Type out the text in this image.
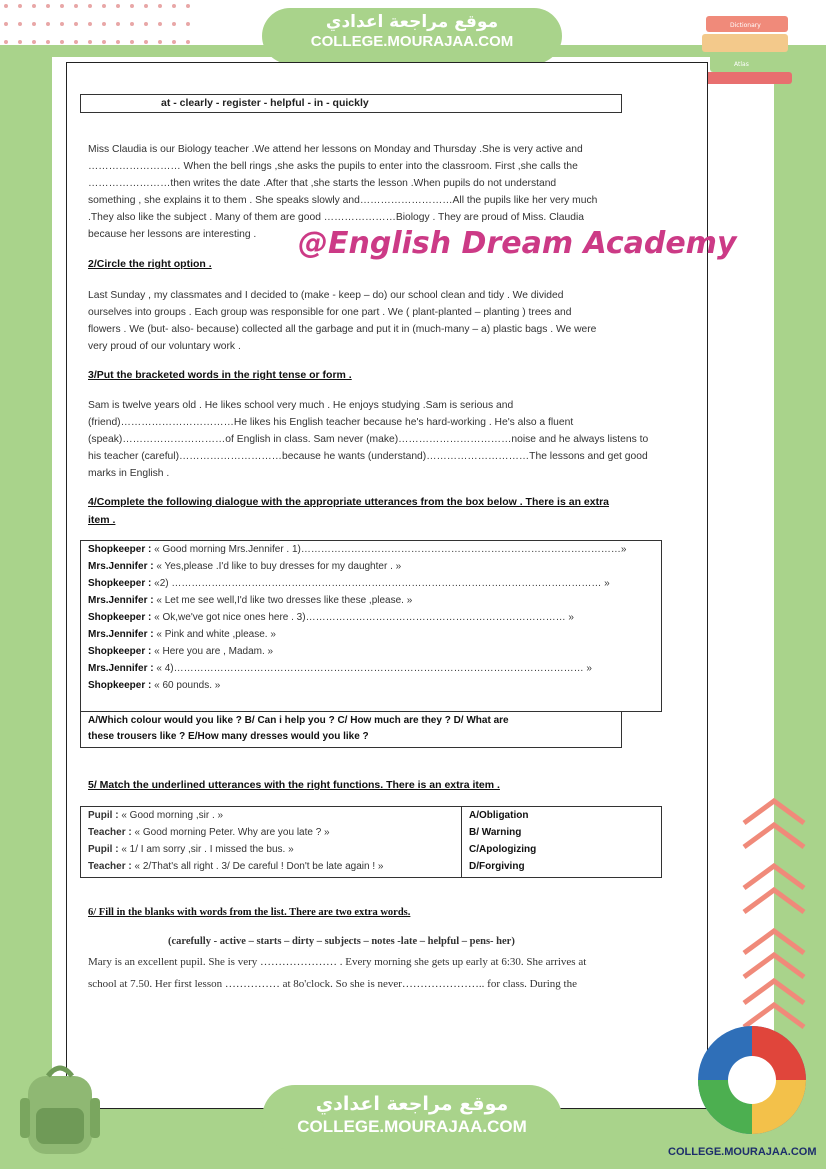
موقع مراجعة اعدادي
COLLEGE.MOURAJAA.COM
Dictionary
Atlas
at - clearly - register - helpful - in - quickly
Miss Claudia is our Biology teacher .We attend her lessons on Monday and Thursday .She is very active and
……………………… When the bell rings ,she asks the pupils to enter into the classroom. First ,she calls the
……………………then writes the date .After that ,she starts the lesson .When pupils do not understand
something , she explains it to them . She speaks slowly and………………………All the pupils like her very much
.They also like the subject . Many of them are good …………………Biology . They are proud of Miss. Claudia
because her lessons are interesting .	@English Dream Academy
2/Circle the right option .
Last Sunday , my classmates and I decided to (make - keep – do) our school clean and tidy . We divided
ourselves into groups . Each group was responsible for one part . We ( plant-planted – planting ) trees and
flowers . We (but- also- because) collected all the garbage and put it in (much-many – a) plastic bags . We were
very proud of our voluntary work .
3/Put the bracketed words in the right tense or form .
Sam is twelve years old . He likes school very much . He enjoys studying .Sam is serious and
(friend)……………………………He likes his English teacher because he's hard-working . He's also a fluent
(speak)…………………………of English in class. Sam never (make)……………………………noise and he always listens to
his teacher (careful)…………………………because he wants (understand)…………………………The lessons and get good
marks in English .
4/Complete the following dialogue with the appropriate utterances from the box below . There is an extra
item .
Shopkeeper : « Good morning Mrs.Jennifer . 1)……………………………………………………………………………………»
Mrs.Jennifer : « Yes,please .I'd like to buy dresses for my daughter . »
Shopkeeper : «2) ………………………………………………………………………………………………………………… »
Mrs.Jennifer : « Let me see well,I'd like two dresses like these ,please. »
Shopkeeper : « Ok,we've got nice ones here . 3)…………………………………………………………………… »
Mrs.Jennifer : « Pink and white ,please. »
Shopkeeper : « Here you are , Madam. »
Mrs.Jennifer : « 4)…………………………………………………………………………………………………………… »
Shopkeeper : « 60 pounds. »
A/Which colour would you like ? B/ Can i help you ? C/ How much are they ? D/ What are
these trousers like ? E/How many dresses would you like ?
5/ Match the underlined utterances with the right functions. There is an extra item .
Pupil : « Good morning ,sir . »
Teacher : « Good morning Peter. Why are you late ? »
Pupil : « 1/ I am sorry ,sir . I missed the bus. »
Teacher : « 2/That's all right . 3/ De careful ! Don't be late again ! »
A/Obligation
B/ Warning
C/Apologizing
D/Forgiving
6/ Fill in the blanks with words from the list. There are two extra words.
(carefully - active – starts – dirty – subjects – notes -late – helpful – pens- her)
Mary is an excellent pupil. She is very ………………… . Every morning she gets up early at 6:30. She arrives at
school at 7.50. Her first lesson …………… at 8o'clock. So she is never………………….. for class. During the
موقع مراجعة اعدادي
COLLEGE.MOURAJAA.COM
COLLEGE.MOURAJAA.COM
